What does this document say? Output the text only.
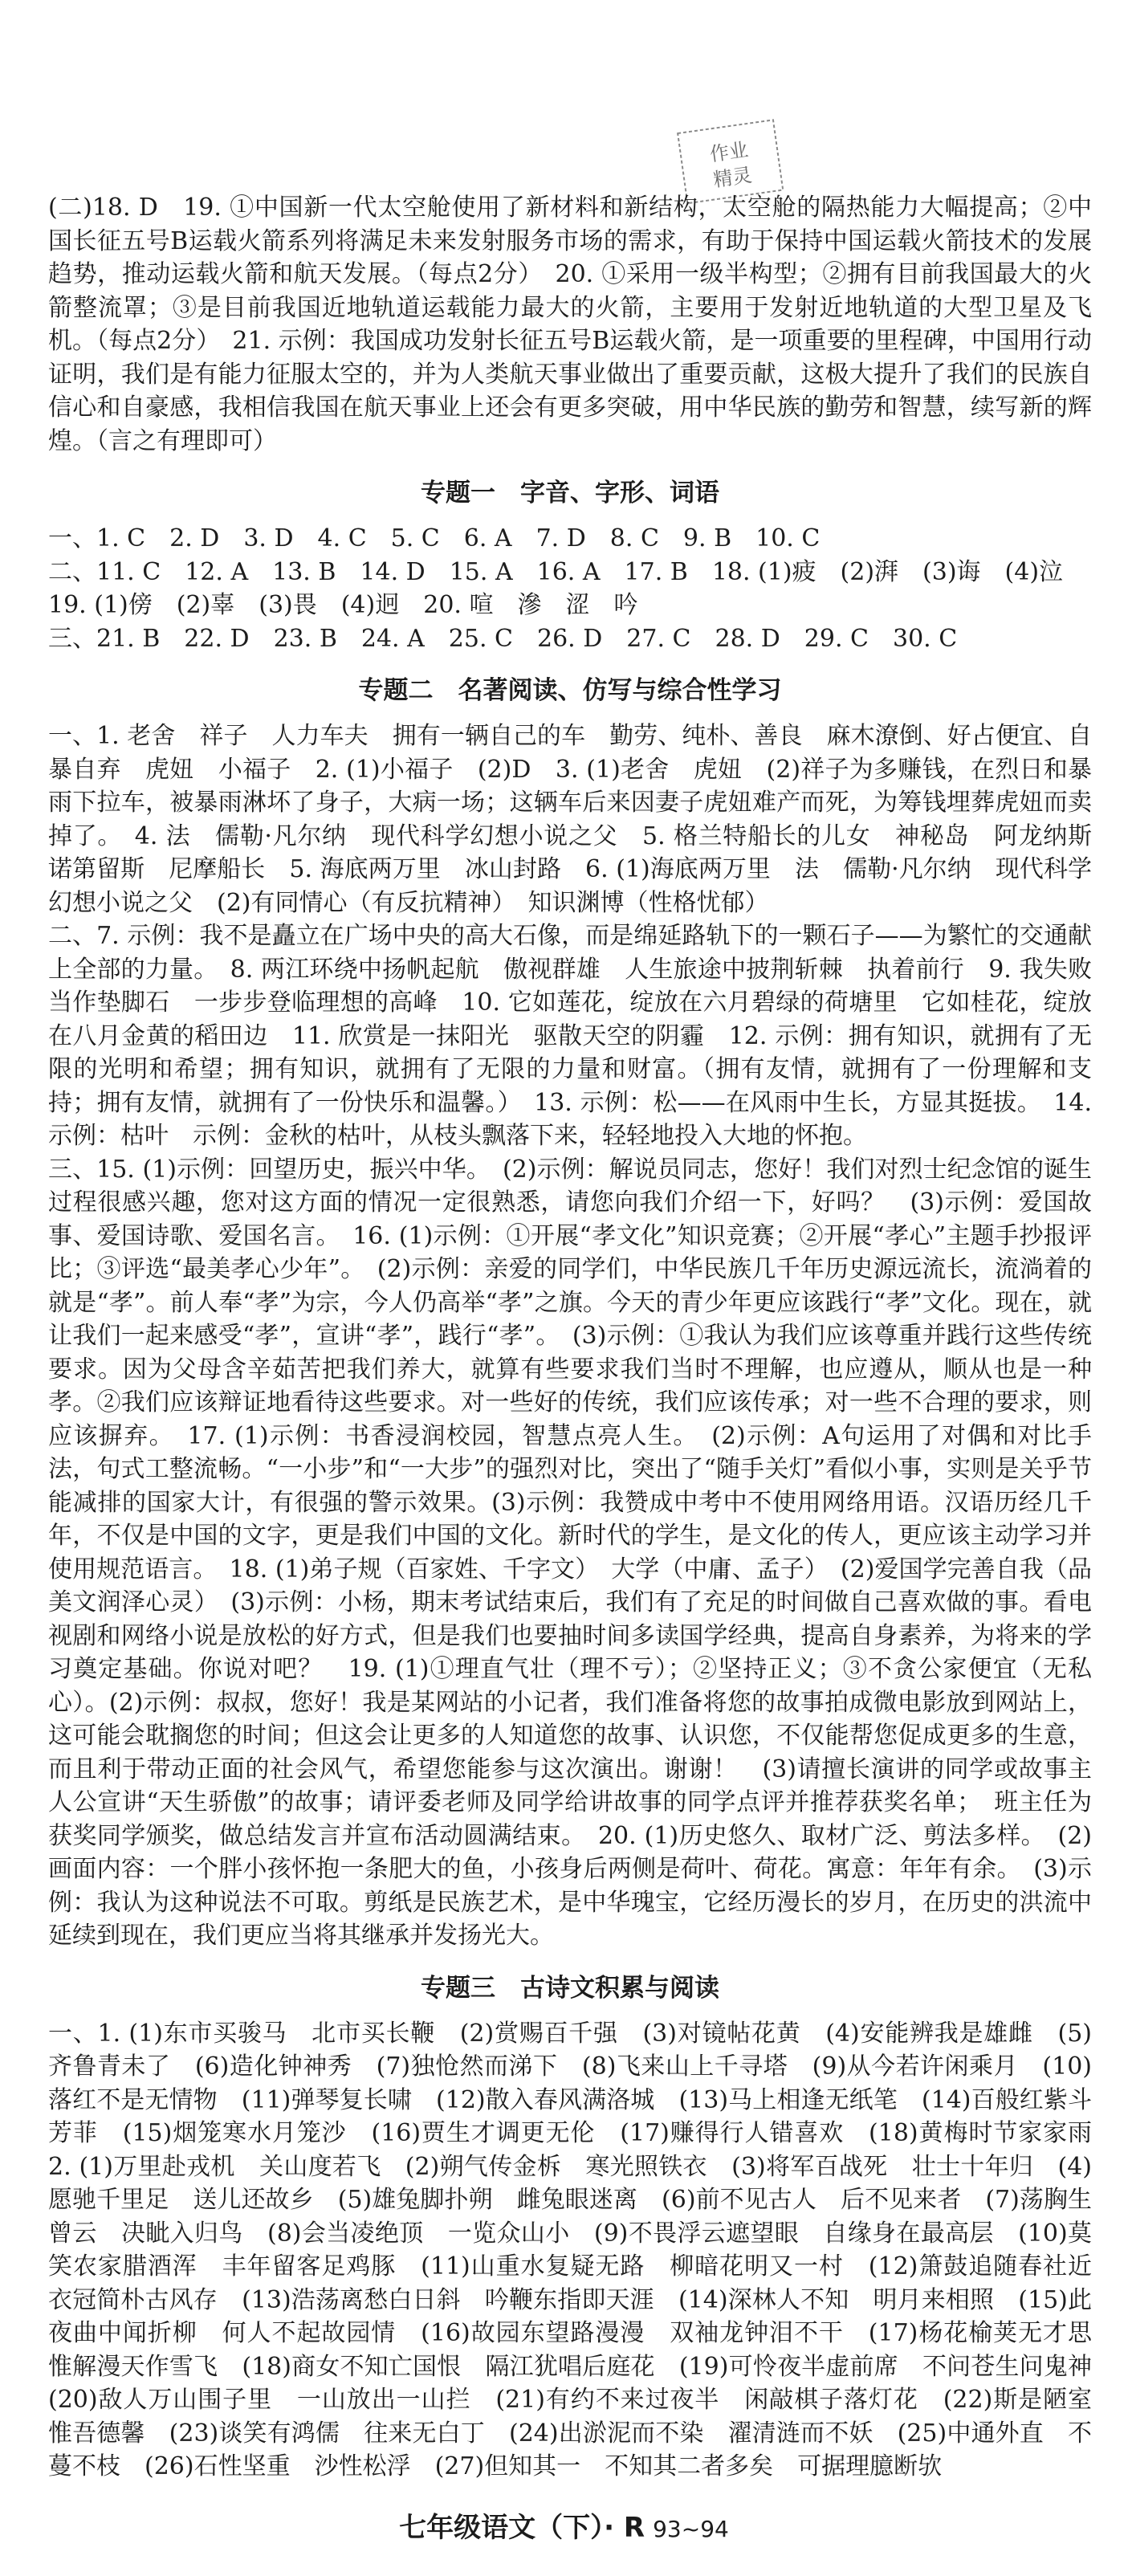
作业
精灵

(二)18. D　19. ①中国新一代太空舱使用了新材料和新结构，太空舱的隔热能力大幅提高；②中国长征五号B运载火箭系列将满足未来发射服务市场的需求，有助于保持中国运载火箭技术的发展趋势，推动运载火箭和航天发展。（每点2分）　20. ①采用一级半构型；②拥有目前我国最大的火箭整流罩；③是目前我国近地轨道运载能力最大的火箭，主要用于发射近地轨道的大型卫星及飞机。（每点2分）　21. 示例：我国成功发射长征五号B运载火箭，是一项重要的里程碑，中国用行动证明，我们是有能力征服太空的，并为人类航天事业做出了重要贡献，这极大提升了我们的民族自信心和自豪感，我相信我国在航天事业上还会有更多突破，用中华民族的勤劳和智慧，续写新的辉煌。（言之有理即可）

专题一　字音、字形、词语

一、1. C　2. D　3. D　4. C　5. C　6. A　7. D　8. C　9. B　10. C

二、11. C　12. A　13. B　14. D　15. A　16. A　17. B　18. (1)疲　(2)湃　(3)诲　(4)泣

19. (1)傍　(2)辜　(3)畏　(4)迥　20. 喧　滲　涩　吟

三、21. B　22. D　23. B　24. A　25. C　26. D　27. C　28. D　29. C　30. C

专题二　名著阅读、仿写与综合性学习

一、1. 老舍　祥子　人力车夫　拥有一辆自己的车　勤劳、纯朴、善良　麻木潦倒、好占便宜、自暴自弃　虎妞　小福子　2. (1)小福子　(2)D　3. (1)老舍　虎妞　(2)祥子为多赚钱，在烈日和暴雨下拉车，被暴雨淋坏了身子，大病一场；这辆车后来因妻子虎妞难产而死，为筹钱埋葬虎妞而卖掉了。　4. 法　儒勒·凡尔纳　现代科学幻想小说之父　5. 格兰特船长的儿女　神秘岛　阿龙纳斯　诺第留斯　尼摩船长　5. 海底两万里　冰山封路　6. (1)海底两万里　法　儒勒·凡尔纳　现代科学幻想小说之父　(2)有同情心（有反抗精神）　知识渊博（性格忧郁）

二、7. 示例：我不是矗立在广场中央的高大石像，而是绵延路轨下的一颗石子——为繁忙的交通献上全部的力量。　8. 两江环绕中扬帆起航　傲视群雄　人生旅途中披荆斩棘　执着前行　9. 我失败当作垫脚石　一步步登临理想的高峰　10. 它如莲花，绽放在六月碧绿的荷塘里　它如桂花，绽放在八月金黄的稻田边　11. 欣赏是一抹阳光　驱散天空的阴霾　12. 示例：拥有知识，就拥有了无限的光明和希望；拥有知识，就拥有了无限的力量和财富。（拥有友情，就拥有了一份理解和支持；拥有友情，就拥有了一份快乐和温馨。）　13. 示例：松——在风雨中生长，方显其挺拔。　14. 示例：枯叶　示例：金秋的枯叶，从枝头飘落下来，轻轻地投入大地的怀抱。

三、15. (1)示例：回望历史，振兴中华。　(2)示例：解说员同志，您好！我们对烈士纪念馆的诞生过程很感兴趣，您对这方面的情况一定很熟悉，请您向我们介绍一下，好吗？　(3)示例：爱国故事、爱国诗歌、爱国名言。　16. (1)示例：①开展“孝文化”知识竞赛；②开展“孝心”主题手抄报评比；③评选“最美孝心少年”。　(2)示例：亲爱的同学们，中华民族几千年历史源远流长，流淌着的就是“孝”。前人奉“孝”为宗，今人仍高举“孝”之旗。今天的青少年更应该践行“孝”文化。现在，就让我们一起来感受“孝”，宣讲“孝”，践行“孝”。　(3)示例：①我认为我们应该尊重并践行这些传统要求。因为父母含辛茹苦把我们养大，就算有些要求我们当时不理解，也应遵从，顺从也是一种孝。②我们应该辩证地看待这些要求。对一些好的传统，我们应该传承；对一些不合理的要求，则应该摒弃。　17. (1)示例：书香浸润校园，智慧点亮人生。　(2)示例：A句运用了对偶和对比手法，句式工整流畅。“一小步”和“一大步”的强烈对比，突出了“随手关灯”看似小事，实则是关乎节能减排的国家大计，有很强的警示效果。(3)示例：我赞成中考中不使用网络用语。汉语历经几千年，不仅是中国的文字，更是我们中国的文化。新时代的学生，是文化的传人，更应该主动学习并使用规范语言。　18. (1)弟子规（百家姓、千字文）　大学（中庸、孟子）　(2)爱国学完善自我（品美文润泽心灵）　(3)示例：小杨，期末考试结束后，我们有了充足的时间做自己喜欢做的事。看电视剧和网络小说是放松的好方式，但是我们也要抽时间多读国学经典，提高自身素养，为将来的学习奠定基础。你说对吧？　19. (1)①理直气壮（理不亏）；②坚持正义；③不贪公家便宜（无私心）。(2)示例：叔叔，您好！我是某网站的小记者，我们准备将您的故事拍成微电影放到网站上，这可能会耽搁您的时间；但这会让更多的人知道您的故事、认识您，不仅能帮您促成更多的生意，而且利于带动正面的社会风气，希望您能参与这次演出。谢谢！　(3)请擅长演讲的同学或故事主人公宣讲“天生骄傲”的故事；请评委老师及同学给讲故事的同学点评并推荐获奖名单；　班主任为获奖同学颁奖，做总结发言并宣布活动圆满结束。　20. (1)历史悠久、取材广泛、剪法多样。　(2)画面内容：一个胖小孩怀抱一条肥大的鱼，小孩身后两侧是荷叶、荷花。寓意：年年有余。　(3)示例：我认为这种说法不可取。剪纸是民族艺术，是中华瑰宝，它经历漫长的岁月，在历史的洪流中延续到现在，我们更应当将其继承并发扬光大。

专题三　古诗文积累与阅读

一、1. (1)东市买骏马　北市买长鞭　(2)赏赐百千强　(3)对镜帖花黄　(4)安能辨我是雄雌　(5)齐鲁青未了　(6)造化钟神秀　(7)独怆然而涕下　(8)飞来山上千寻塔　(9)从今若许闲乘月　(10)落红不是无情物　(11)弹琴复长啸　(12)散入春风满洛城　(13)马上相逢无纸笔　(14)百般红紫斗芳菲　(15)烟笼寒水月笼沙　(16)贾生才调更无伦　(17)赚得行人错喜欢　(18)黄梅时节家家雨　2. (1)万里赴戎机　关山度若飞　(2)朔气传金柝　寒光照铁衣　(3)将军百战死　壮士十年归　(4)愿驰千里足　送儿还故乡　(5)雄兔脚扑朔　雌兔眼迷离　(6)前不见古人　后不见来者　(7)荡胸生曾云　决眦入归鸟　(8)会当凌绝顶　一览众山小　(9)不畏浮云遮望眼　自缘身在最高层　(10)莫笑农家腊酒浑　丰年留客足鸡豚　(11)山重水复疑无路　柳暗花明又一村　(12)箫鼓追随春社近　衣冠简朴古风存　(13)浩荡离愁白日斜　吟鞭东指即天涯　(14)深林人不知　明月来相照　(15)此夜曲中闻折柳　何人不起故园情　(16)故园东望路漫漫　双袖龙钟泪不干　(17)杨花榆荚无才思　惟解漫天作雪飞　(18)商女不知亡国恨　隔江犹唱后庭花　(19)可怜夜半虚前席　不问苍生问鬼神　(20)敌人万山围子里　一山放出一山拦　(21)有约不来过夜半　闲敲棋子落灯花　(22)斯是陋室　惟吾德馨　(23)谈笑有鸿儒　往来无白丁　(24)出淤泥而不染　濯清涟而不妖　(25)中通外直　不蔓不枝　(26)石性坚重　沙性松浮　(27)但知其一　不知其二者多矣　可据理臆断欤

七年级语文（下）· R 93~94
